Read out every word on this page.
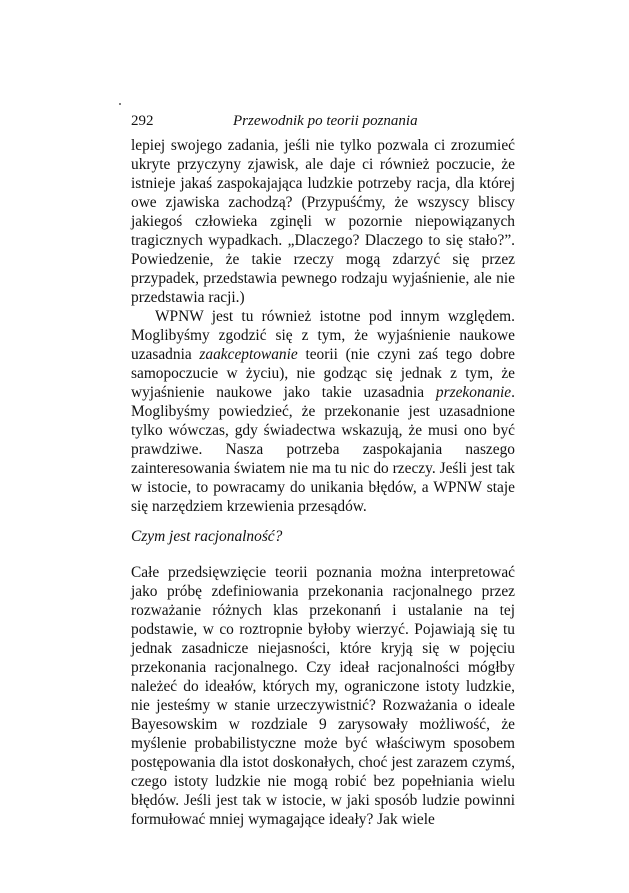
292	Przewodnik po teorii poznania

lepiej swojego zadania, jeśli nie tylko pozwala ci zrozumieć ukryte przyczyny zjawisk, ale daje ci również poczucie, że istnieje jakaś zaspokajająca ludzkie potrzeby racja, dla której owe zjawiska zachodzą? (Przypuśćmy, że wszyscy bliscy jakiegoś człowieka zginęli w pozornie niepowiązanych tragicznych wypadkach. „Dlaczego? Dlaczego to się stało?”. Powiedzenie, że takie rzeczy mogą zdarzyć się przez przypadek, przedstawia pewnego rodzaju wyjaśnienie, ale nie przedstawia racji.)

WPNW jest tu również istotne pod innym względem. Moglibyśmy zgodzić się z tym, że wyjaśnienie naukowe uzasadnia zaakceptowanie teorii (nie czyni zaś tego dobre samopoczucie w życiu), nie godząc się jednak z tym, że wyjaśnienie naukowe jako takie uzasadnia przekonanie. Moglibyśmy powiedzieć, że przekonanie jest uzasadnione tylko wówczas, gdy świadectwa wskazują, że musi ono być prawdziwe. Nasza potrzeba zaspokajania naszego zainteresowania światem nie ma tu nic do rzeczy. Jeśli jest tak w istocie, to powracamy do unikania błędów, a WPNW staje się narzędziem krzewienia przesądów.

Czym jest racjonalność?

Całe przedsięwzięcie teorii poznania można interpretować jako próbę zdefiniowania przekonania racjonalnego przez rozważanie różnych klas przekonanń i ustalanie na tej podstawie, w co roztropnie byłoby wierzyć. Pojawiają się tu jednak zasadnicze niejasności, które kryją się w pojęciu przekonania racjonalnego. Czy ideał racjonalności mógłby należeć do ideałów, których my, ograniczone istoty ludzkie, nie jesteśmy w stanie urzeczywistnić? Rozważania o ideale Bayesowskim w rozdziale 9 zarysowały możliwość, że myślenie probabilistyczne może być właściwym sposobem postępowania dla istot doskonałych, choć jest zarazem czymś, czego istoty ludzkie nie mogą robić bez popełniania wielu błędów. Jeśli jest tak w istocie, w jaki sposób ludzie powinni formułować mniej wymagające ideały? Jak wiele
